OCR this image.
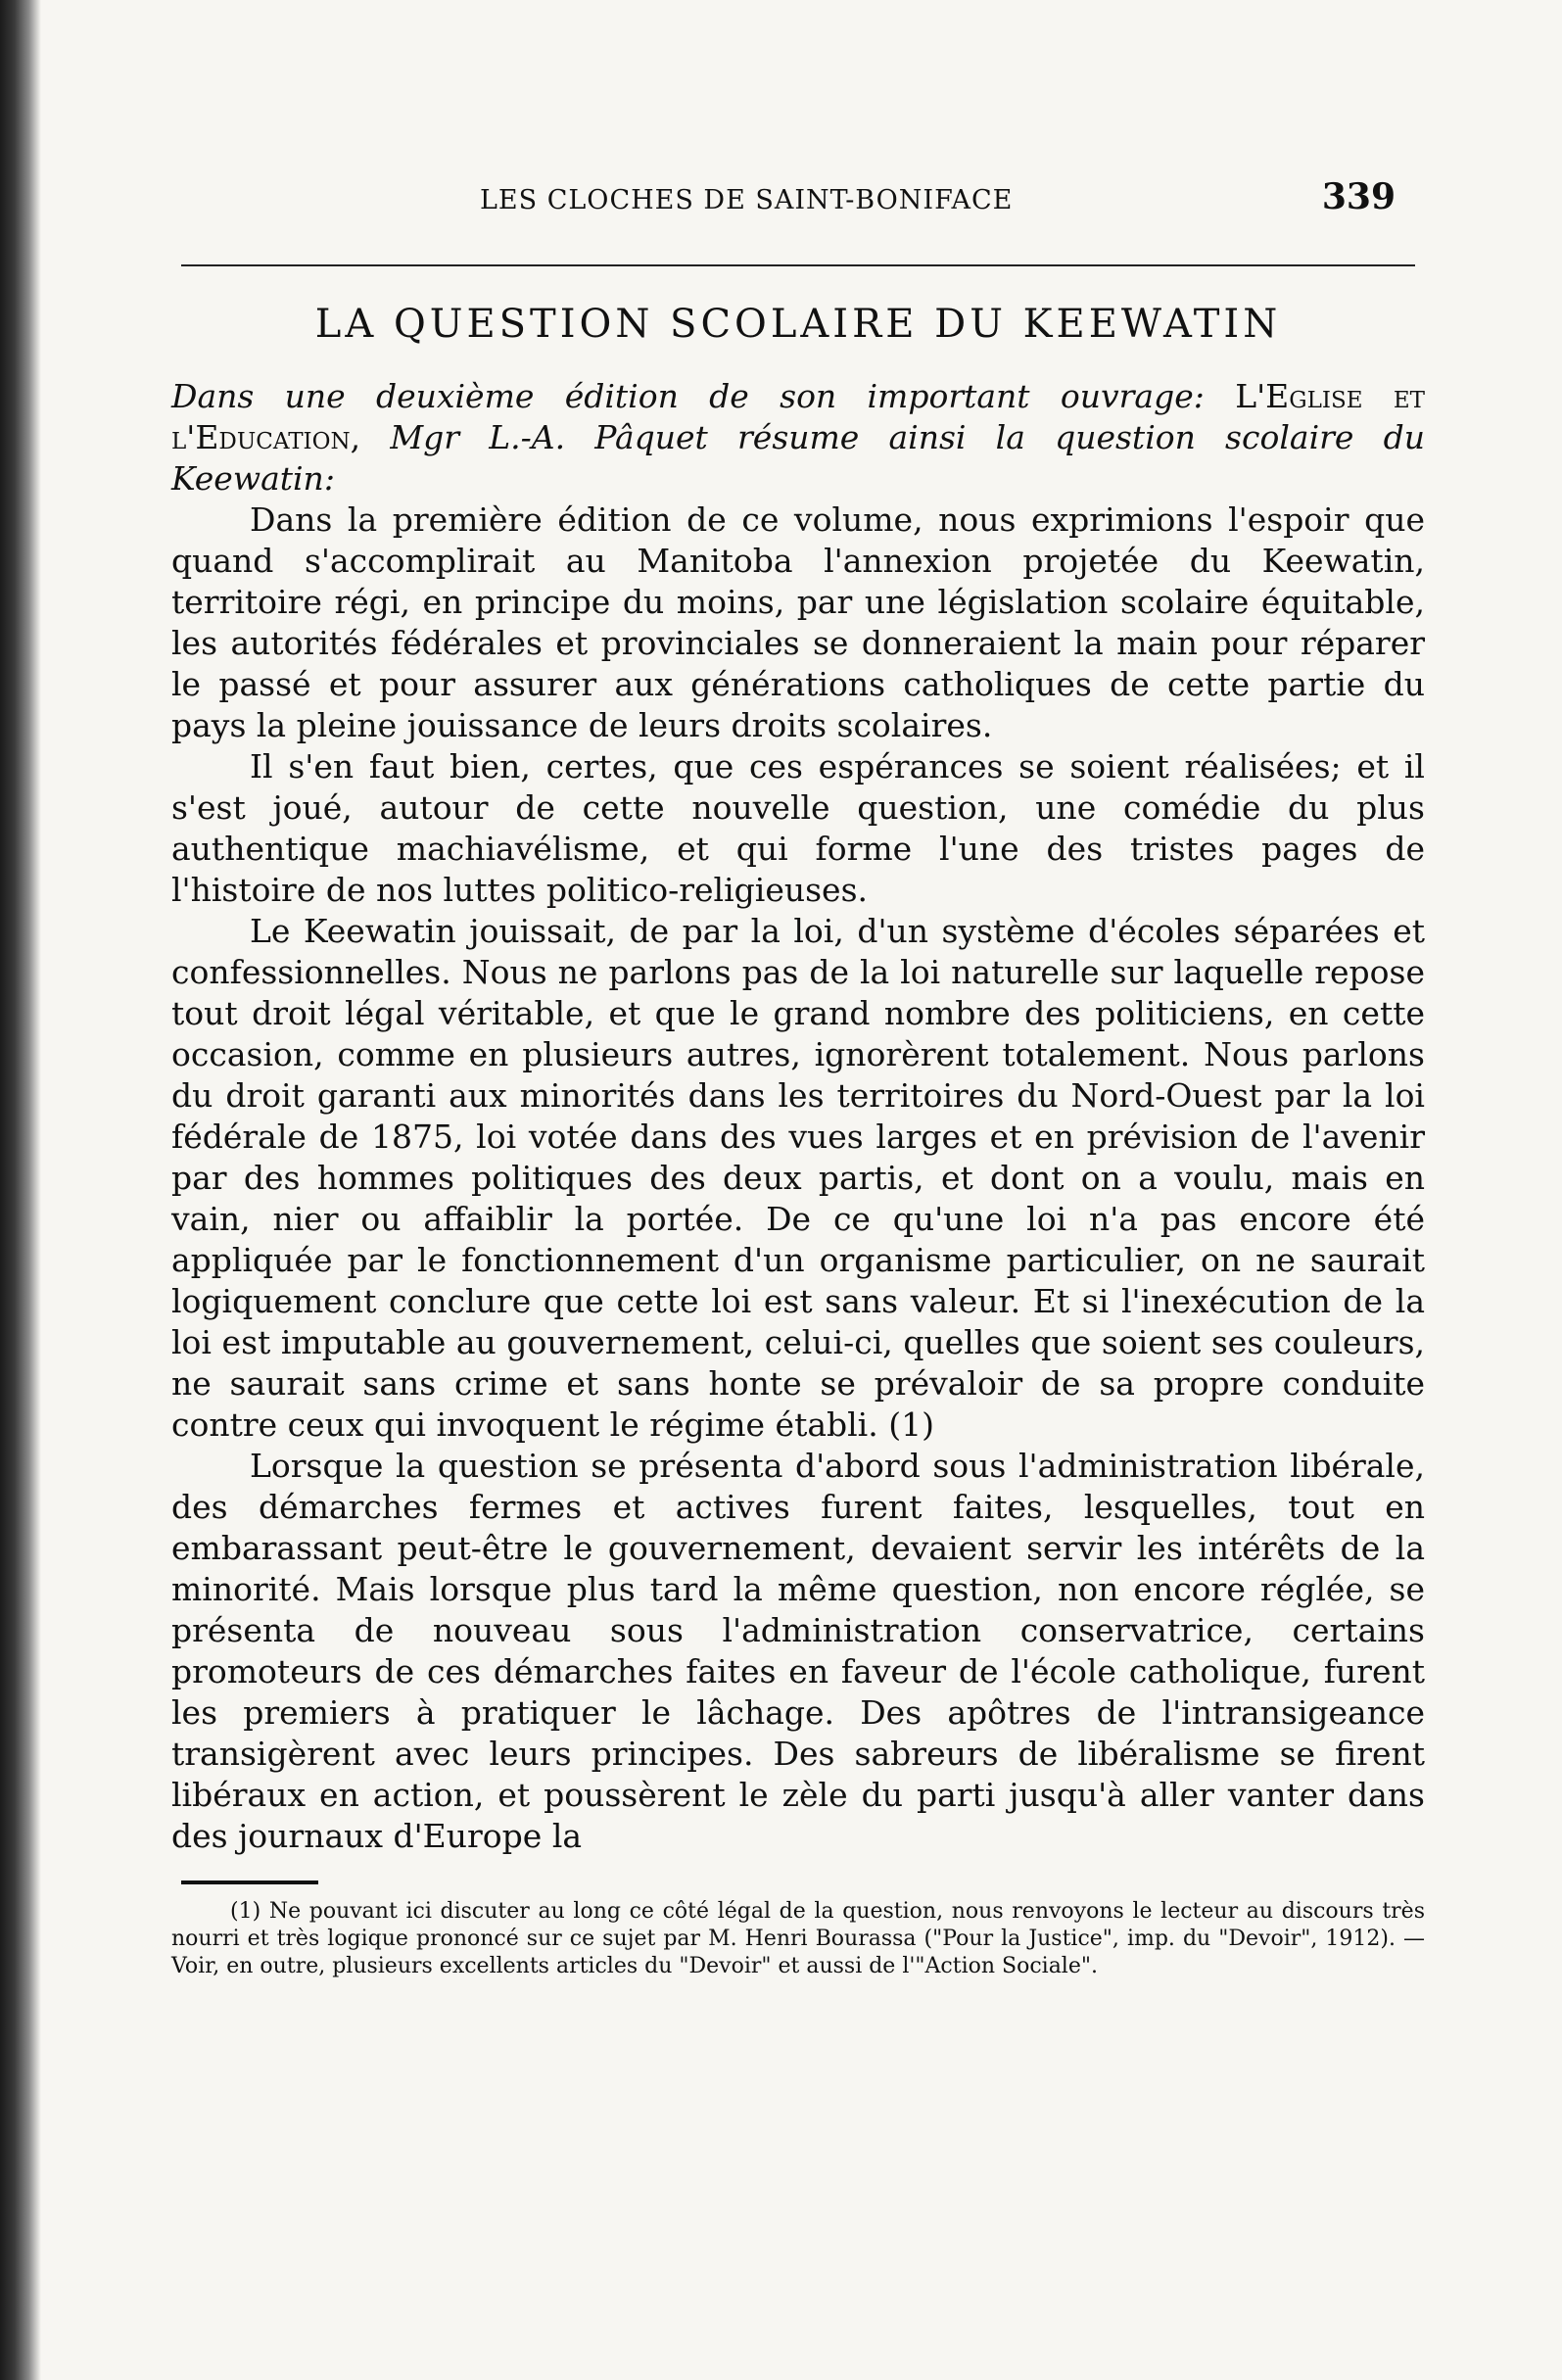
LES CLOCHES DE SAINT-BONIFACE	339
LA QUESTION SCOLAIRE DU KEEWATIN
Dans une deuxième édition de son important ouvrage: L'Eglise et l'Education, Mgr L.-A. Pâquet résume ainsi la question scolaire du Keewatin:

Dans la première édition de ce volume, nous exprimions l'espoir que quand s'accomplirait au Manitoba l'annexion projetée du Keewatin, territoire régi, en principe du moins, par une législation scolaire équitable, les autorités fédérales et provinciales se donneraient la main pour réparer le passé et pour assurer aux générations catholiques de cette partie du pays la pleine jouissance de leurs droits scolaires.

Il s'en faut bien, certes, que ces espérances se soient réalisées; et il s'est joué, autour de cette nouvelle question, une comédie du plus authentique machiavélisme, et qui forme l'une des tristes pages de l'histoire de nos luttes politico-religieuses.

Le Keewatin jouissait, de par la loi, d'un système d'écoles séparées et confessionnelles. Nous ne parlons pas de la loi naturelle sur laquelle repose tout droit légal véritable, et que le grand nombre des politiciens, en cette occasion, comme en plusieurs autres, ignorèrent totalement. Nous parlons du droit garanti aux minorités dans les territoires du Nord-Ouest par la loi fédérale de 1875, loi votée dans des vues larges et en prévision de l'avenir par des hommes politiques des deux partis, et dont on a voulu, mais en vain, nier ou affaiblir la portée. De ce qu'une loi n'a pas encore été appliquée par le fonctionnement d'un organisme particulier, on ne saurait logiquement conclure que cette loi est sans valeur. Et si l'inexécution de la loi est imputable au gouvernement, celui-ci, quelles que soient ses couleurs, ne saurait sans crime et sans honte se prévaloir de sa propre conduite contre ceux qui invoquent le régime établi. (1)

Lorsque la question se présenta d'abord sous l'administration libérale, des démarches fermes et actives furent faites, lesquelles, tout en embarassant peut-être le gouvernement, devaient servir les intérêts de la minorité. Mais lorsque plus tard la même question, non encore réglée, se présenta de nouveau sous l'administration conservatrice, certains promoteurs de ces démarches faites en faveur de l'école catholique, furent les premiers à pratiquer le lâchage. Des apôtres de l'intransigeance transigèrent avec leurs principes. Des sabreurs de libéralisme se firent libéraux en action, et poussèrent le zèle du parti jusqu'à aller vanter dans des journaux d'Europe la

(1) Ne pouvant ici discuter au long ce côté légal de la question, nous renvoyons le lecteur au discours très nourri et très logique prononcé sur ce sujet par M. Henri Bourassa ("Pour la Justice", imp. du "Devoir", 1912). — Voir, en outre, plusieurs excellents articles du "Devoir" et aussi de l'"Action Sociale".
